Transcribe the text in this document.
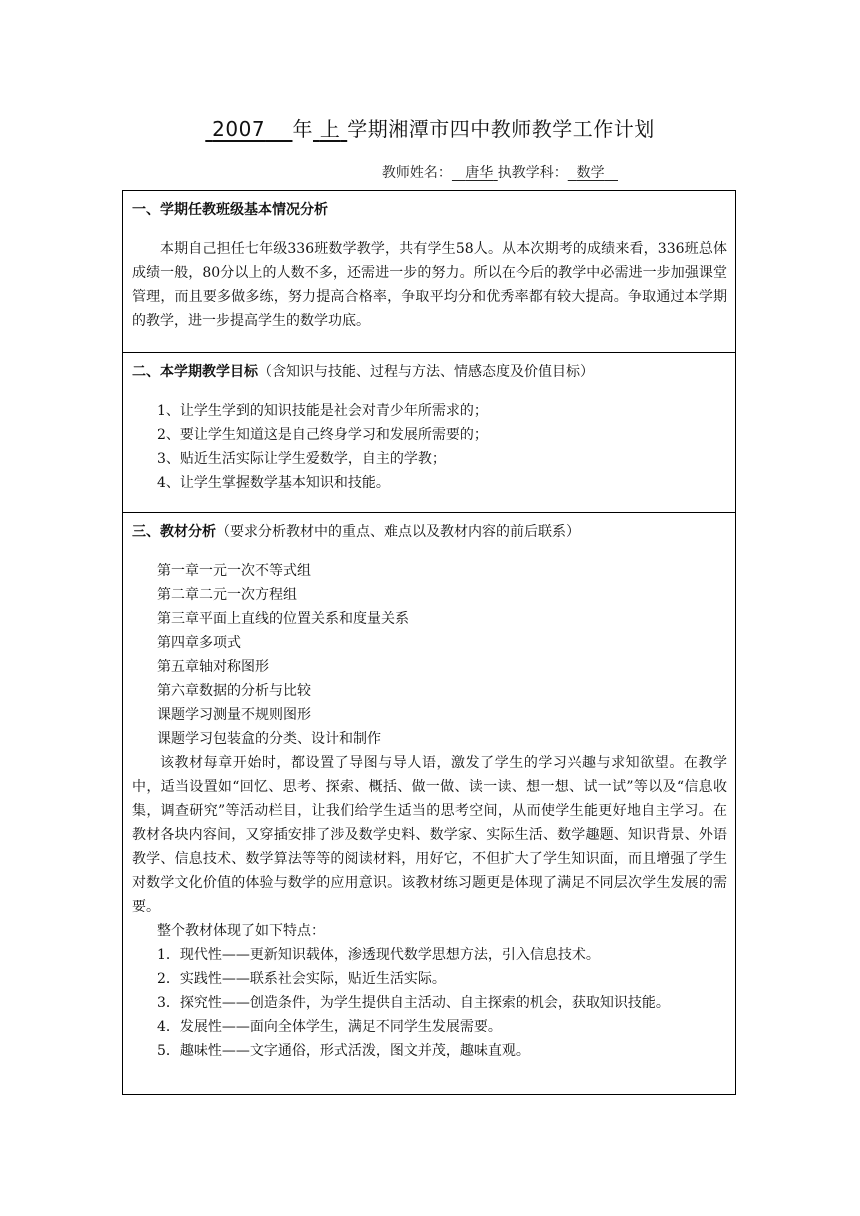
2007 年 上 学期湘潭市四中教师教学工作计划
教师姓名： 唐华 执教学科： 数学
一、学期任教班级基本情况分析
本期自己担任七年级336班数学教学，共有学生58人。从本次期考的成绩来看，336班总体成绩一般，80分以上的人数不多，还需进一步的努力。所以在今后的教学中必需进一步加强课堂管理，而且要多做多练，努力提高合格率，争取平均分和优秀率都有较大提高。争取通过本学期的教学，进一步提高学生的数学功底。
二、本学期教学目标（含知识与技能、过程与方法、情感态度及价值目标）
1、让学生学到的知识技能是社会对青少年所需求的；
2、要让学生知道这是自己终身学习和发展所需要的；
3、贴近生活实际让学生爱数学，自主的学教；
4、让学生掌握数学基本知识和技能。
三、教材分析（要求分析教材中的重点、难点以及教材内容的前后联系）
第一章一元一次不等式组
第二章二元一次方程组
第三章平面上直线的位置关系和度量关系
第四章多项式
第五章轴对称图形
第六章数据的分析与比较
课题学习测量不规则图形
课题学习包装盒的分类、设计和制作
该教材每章开始时，都设置了导图与导人语，激发了学生的学习兴趣与求知欲望。在教学中，适当设置如“回忆、思考、探索、概括、做一做、读一读、想一想、试一试”等以及“信息收集，调查研究”等活动栏目，让我们给学生适当的思考空间，从而使学生能更好地自主学习。在教材各块内容间，又穿插安排了涉及数学史料、数学家、实际生活、数学趣题、知识背景、外语教学、信息技术、数学算法等等的阅读材料，用好它，不但扩大了学生知识面，而且增强了学生对数学文化价值的体验与数学的应用意识。该教材练习题更是体现了满足不同层次学生发展的需要。
整个教材体现了如下特点：
1．现代性——更新知识载体，渗透现代数学思想方法，引入信息技术。
2．实践性——联系社会实际，贴近生活实际。
3．探究性——创造条件，为学生提供自主活动、自主探索的机会，获取知识技能。
4．发展性——面向全体学生，满足不同学生发展需要。
5．趣味性——文字通俗，形式活泼，图文并茂，趣味直观。
